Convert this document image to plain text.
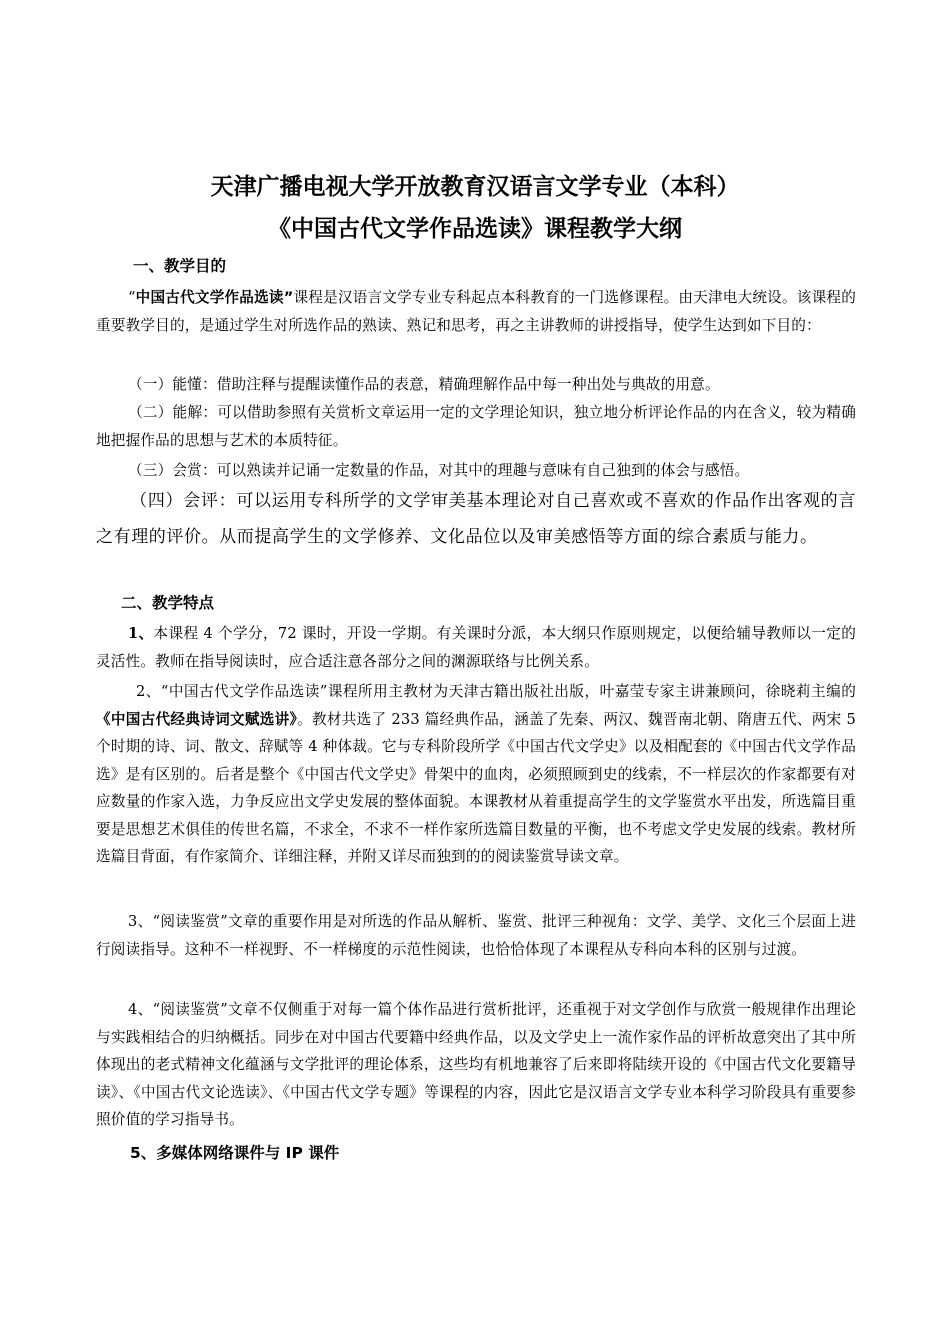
天津广播电视大学开放教育汉语言文学专业（本科）
《中国古代文学作品选读》课程教学大纲
一、教学目的
“中国古代文学作品选读”课程是汉语言文学专业专科起点本科教育的一门选修课程。由天津电大统设。该课程的重要教学目的，是通过学生对所选作品的熟读、熟记和思考，再之主讲教师的讲授指导，使学生达到如下目的：
（一）能懂：借助注释与提醒读懂作品的表意，精确理解作品中每一种出处与典故的用意。
（二）能解：可以借助参照有关赏析文章运用一定的文学理论知识，独立地分析评论作品的内在含义，较为精确地把握作品的思想与艺术的本质特征。
（三）会赏：可以熟读并记诵一定数量的作品，对其中的理趣与意味有自己独到的体会与感悟。
（四）会评：可以运用专科所学的文学审美基本理论对自己喜欢或不喜欢的作品作出客观的言之有理的评价。从而提高学生的文学修养、文化品位以及审美感悟等方面的综合素质与能力。
二、教学特点
1、本课程 4 个学分，72 课时，开设一学期。有关课时分派，本大纲只作原则规定，以便给辅导教师以一定的灵活性。教师在指导阅读时，应合适注意各部分之间的渊源联络与比例关系。
2、“中国古代文学作品选读”课程所用主教材为天津古籍出版社出版，叶嘉莹专家主讲兼顾问，徐晓莉主编的《中国古代经典诗词文赋选讲》。教材共选了 233 篇经典作品，涵盖了先秦、两汉、魏晋南北朝、隋唐五代、两宋 5 个时期的诗、词、散文、辞赋等 4 种体裁。它与专科阶段所学《中国古代文学史》以及相配套的《中国古代文学作品选》是有区别的。后者是整个《中国古代文学史》骨架中的血肉，必须照顾到史的线索，不一样层次的作家都要有对应数量的作家入选，力争反应出文学史发展的整体面貌。本课教材从着重提高学生的文学鉴赏水平出发，所选篇目重要是思想艺术俱佳的传世名篇，不求全，不求不一样作家所选篇目数量的平衡，也不考虑文学史发展的线索。教材所选篇目背面，有作家简介、详细注释，并附又详尽而独到的的阅读鉴赏导读文章。
3、“阅读鉴赏”文章的重要作用是对所选的作品从解析、鉴赏、批评三种视角：文学、美学、文化三个层面上进行阅读指导。这种不一样视野、不一样梯度的示范性阅读，也恰恰体现了本课程从专科向本科的区别与过渡。
4、“阅读鉴赏”文章不仅侧重于对每一篇个体作品进行赏析批评，还重视于对文学创作与欣赏一般规律作出理论与实践相结合的归纳概括。同步在对中国古代要籍中经典作品，以及文学史上一流作家作品的评析故意突出了其中所体现出的老式精神文化蕴涵与文学批评的理论体系，这些均有机地兼容了后来即将陆续开设的《中国古代文化要籍导读》、《中国古代文论选读》、《中国古代文学专题》等课程的内容，因此它是汉语言文学专业本科学习阶段具有重要参照价值的学习指导书。
5、多媒体网络课件与 IP 课件
